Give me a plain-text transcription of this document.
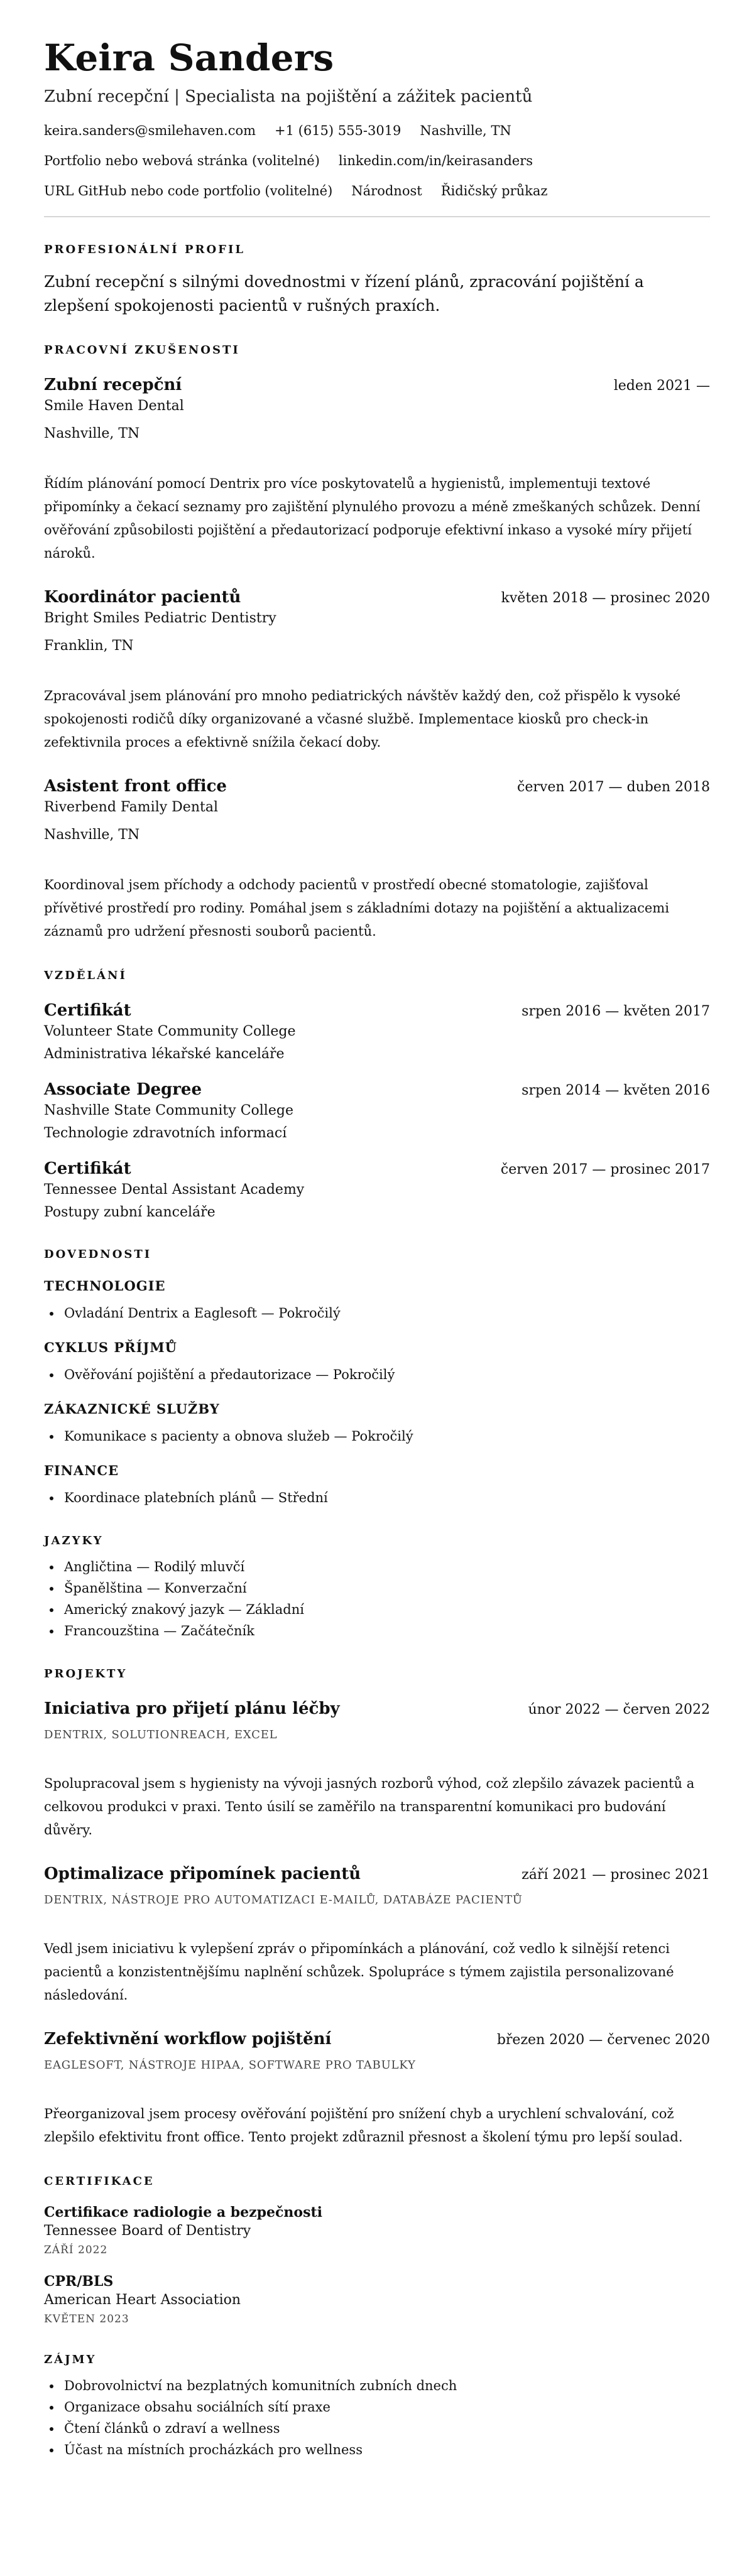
Keira Sanders
Zubní recepční | Specialista na pojištění a zážitek pacientů
keira.sanders@smilehaven.com +1 (615) 555-3019 Nashville, TN
Portfolio nebo webová stránka (volitelné) linkedin.com/in/keirasanders
URL GitHub nebo code portfolio (volitelné) Národnost Řidičský průkaz
PROFESIONÁLNÍ PROFIL
Zubní recepční s silnými dovednostmi v řízení plánů, zpracování pojištění a zlepšení spokojenosti pacientů v rušných praxích.
PRACOVNÍ ZKUŠENOSTI
Zubní recepční	leden 2021 —
Smile Haven Dental
Nashville, TN
Řídím plánování pomocí Dentrix pro více poskytovatelů a hygienistů, implementuji textové připomínky a čekací seznamy pro zajištění plynulého provozu a méně zmeškaných schůzek. Denní ověřování způsobilosti pojištění a předautorizací podporuje efektivní inkaso a vysoké míry přijetí nároků.
Koordinátor pacientů	květen 2018 — prosinec 2020
Bright Smiles Pediatric Dentistry
Franklin, TN
Zpracovával jsem plánování pro mnoho pediatrických návštěv každý den, což přispělo k vysoké spokojenosti rodičů díky organizované a včasné službě. Implementace kiosků pro check-in zefektivnila proces a efektivně snížila čekací doby.
Asistent front office	červen 2017 — duben 2018
Riverbend Family Dental
Nashville, TN
Koordinoval jsem příchody a odchody pacientů v prostředí obecné stomatologie, zajišťoval přívětivé prostředí pro rodiny. Pomáhal jsem s základními dotazy na pojištění a aktualizacemi záznamů pro udržení přesnosti souborů pacientů.
VZDĚLÁNÍ
Certifikát	srpen 2016 — květen 2017
Volunteer State Community College
Administrativa lékařské kanceláře
Associate Degree	srpen 2014 — květen 2016
Nashville State Community College
Technologie zdravotních informací
Certifikát	červen 2017 — prosinec 2017
Tennessee Dental Assistant Academy
Postupy zubní kanceláře
DOVEDNOSTI
TECHNOLOGIE
• Ovladání Dentrix a Eaglesoft — Pokročilý
CYKLUS PŘÍJMŮ
• Ověřování pojištění a předautorizace — Pokročilý
ZÁKAZNICKÉ SLUŽBY
• Komunikace s pacienty a obnova služeb — Pokročilý
FINANCE
• Koordinace platebních plánů — Střední
JAZYKY
• Angličtina — Rodilý mluvčí
• Španělština — Konverzační
• Americký znakový jazyk — Základní
• Francouzština — Začátečník
PROJEKTY
Iniciativa pro přijetí plánu léčby	únor 2022 — červen 2022
DENTRIX, SOLUTIONREACH, EXCEL
Spolupracoval jsem s hygienisty na vývoji jasných rozborů výhod, což zlepšilo závazek pacientů a celkovou produkci v praxi. Tento úsilí se zaměřilo na transparentní komunikaci pro budování důvěry.
Optimalizace připomínek pacientů	září 2021 — prosinec 2021
DENTRIX, NÁSTROJE PRO AUTOMATIZACI E-MAILŮ, DATABÁZE PACIENTŮ
Vedl jsem iniciativu k vylepšení zpráv o připomínkách a plánování, což vedlo k silnější retenci pacientů a konzistentnějšímu naplnění schůzek. Spolupráce s týmem zajistila personalizované následování.
Zefektivnění workflow pojištění	březen 2020 — červenec 2020
EAGLESOFT, NÁSTROJE HIPAA, SOFTWARE PRO TABULKY
Přeorganizoval jsem procesy ověřování pojištění pro snížení chyb a urychlení schvalování, což zlepšilo efektivitu front office. Tento projekt zdůraznil přesnost a školení týmu pro lepší soulad.
CERTIFIKACE
Certifikace radiologie a bezpečnosti
Tennessee Board of Dentistry
ZÁŘÍ 2022
CPR/BLS
American Heart Association
KVĚTEN 2023
ZÁJMY
• Dobrovolnictví na bezplatných komunitních zubních dnech
• Organizace obsahu sociálních sítí praxe
• Čtení článků o zdraví a wellness
• Účast na místních procházkách pro wellness
